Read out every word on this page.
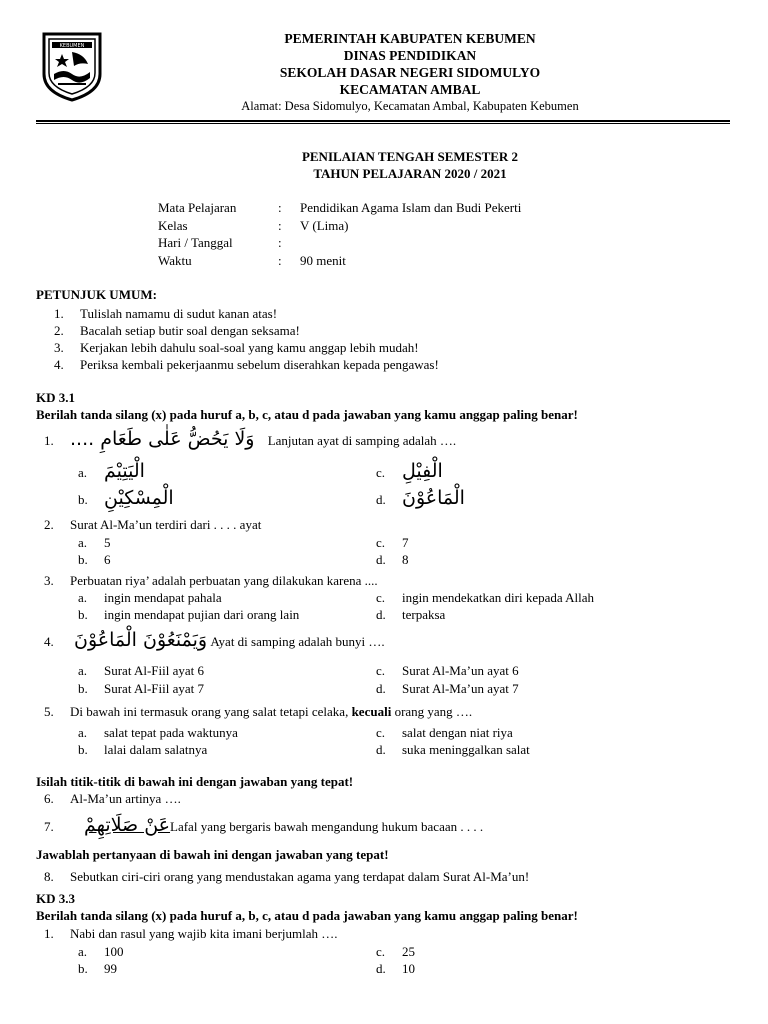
KEBUMEN	PEMERINTAH KABUPATEN KEBUMEN
DINAS PENDIDIKAN
SEKOLAH DASAR NEGERI SIDOMULYO
KECAMATAN AMBAL
Alamat: Desa Sidomulyo, Kecamatan Ambal, Kabupaten Kebumen
PENILAIAN TENGAH SEMESTER 2
TAHUN PELAJARAN 2020 / 2021
Mata Pelajaran	:	Pendidikan Agama Islam dan Budi Pekerti
Kelas	:	V (Lima)
Hari / Tanggal	:
Waktu	:	90 menit
PETUNJUK UMUM:
1. Tulislah namamu di sudut kanan atas!
2. Bacalah setiap butir soal dengan seksama!
3. Kerjakan lebih dahulu soal-soal yang kamu anggap lebih mudah!
4. Periksa kembali pekerjaanmu sebelum diserahkan kepada pengawas!
KD 3.1
Berilah tanda silang (x) pada huruf a, b, c, atau d pada jawaban yang kamu anggap paling benar!
1. وَلَا يَحُضُّ عَلٰى طَعَامِ .... Lanjutan ayat di samping adalah ….
a. الْيَتِيْمَ	c. الْفِيْلِ
b. الْمِسْكِيْنِ	d. الْمَاعُوْنَ
2. Surat Al-Ma’un terdiri dari . . . . ayat
a. 5	c. 7
b. 6	d. 8
3. Perbuatan riya’ adalah perbuatan yang dilakukan karena ....
a. ingin mendapat pahala	c. ingin mendekatkan diri kepada Allah
b. ingin mendapat pujian dari orang lain	d. terpaksa
4. وَيَمْنَعُوْنَ الْمَاعُوْنَ Ayat di samping adalah bunyi ….
a. Surat Al-Fiil ayat 6	c. Surat Al-Ma’un ayat 6
b. Surat Al-Fiil ayat 7	d. Surat Al-Ma’un ayat 7
5. Di bawah ini termasuk orang yang salat tetapi celaka, kecuali orang yang ….
a. salat tepat pada waktunya	c. salat dengan niat riya
b. lalai dalam salatnya	d. suka meninggalkan salat
Isilah titik-titik di bawah ini dengan jawaban yang tepat!
6. Al-Ma’un artinya ….
7. عَنْ صَلَاتِهِمْLafal yang bergaris bawah mengandung hukum bacaan . . . .
Jawablah pertanyaan di bawah ini dengan jawaban yang tepat!
8. Sebutkan ciri-ciri orang yang mendustakan agama yang terdapat dalam Surat Al-Ma’un!
KD 3.3
Berilah tanda silang (x) pada huruf a, b, c, atau d pada jawaban yang kamu anggap paling benar!
1. Nabi dan rasul yang wajib kita imani berjumlah ….
a. 100	c. 25
b. 99	d. 10
